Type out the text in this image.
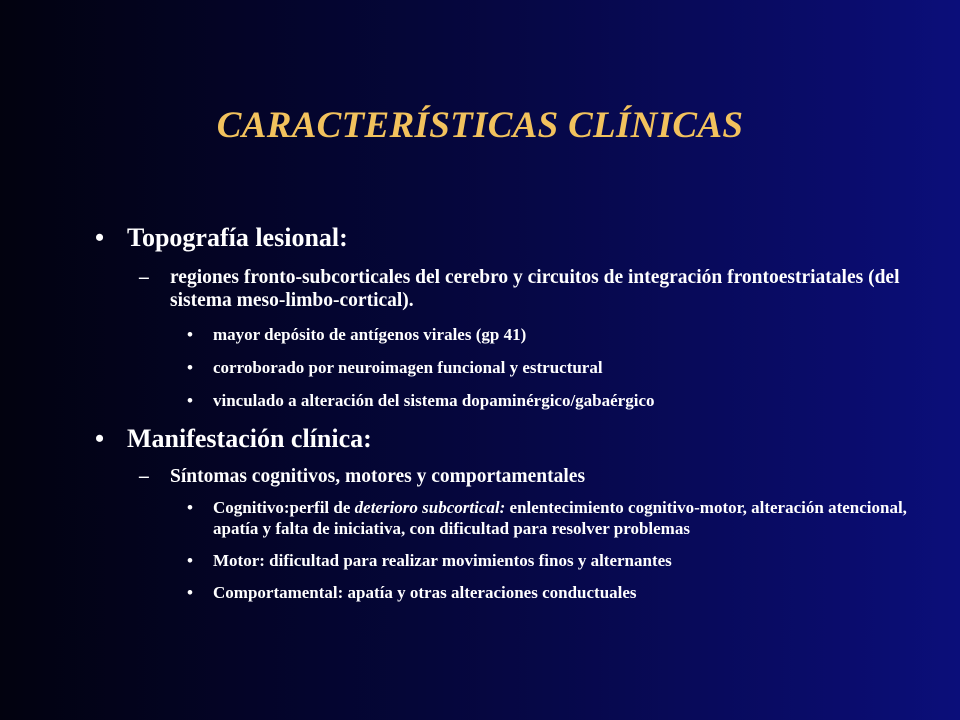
CARACTERÍSTICAS CLÍNICAS
• Topografía lesional:
– regiones fronto-subcorticales del cerebro y circuitos de integración frontoestriatales (del sistema meso-limbo-cortical).
• mayor depósito de antígenos virales (gp 41)
• corroborado por neuroimagen funcional y estructural
• vinculado a alteración del sistema dopaminérgico/gabaérgico
• Manifestación clínica:
– Síntomas cognitivos, motores y comportamentales
• Cognitivo:perfil de deterioro subcortical: enlentecimiento cognitivo-motor, alteración atencional, apatía y falta de iniciativa, con dificultad para resolver problemas
• Motor: dificultad para realizar movimientos finos y alternantes
• Comportamental: apatía y otras alteraciones conductuales
